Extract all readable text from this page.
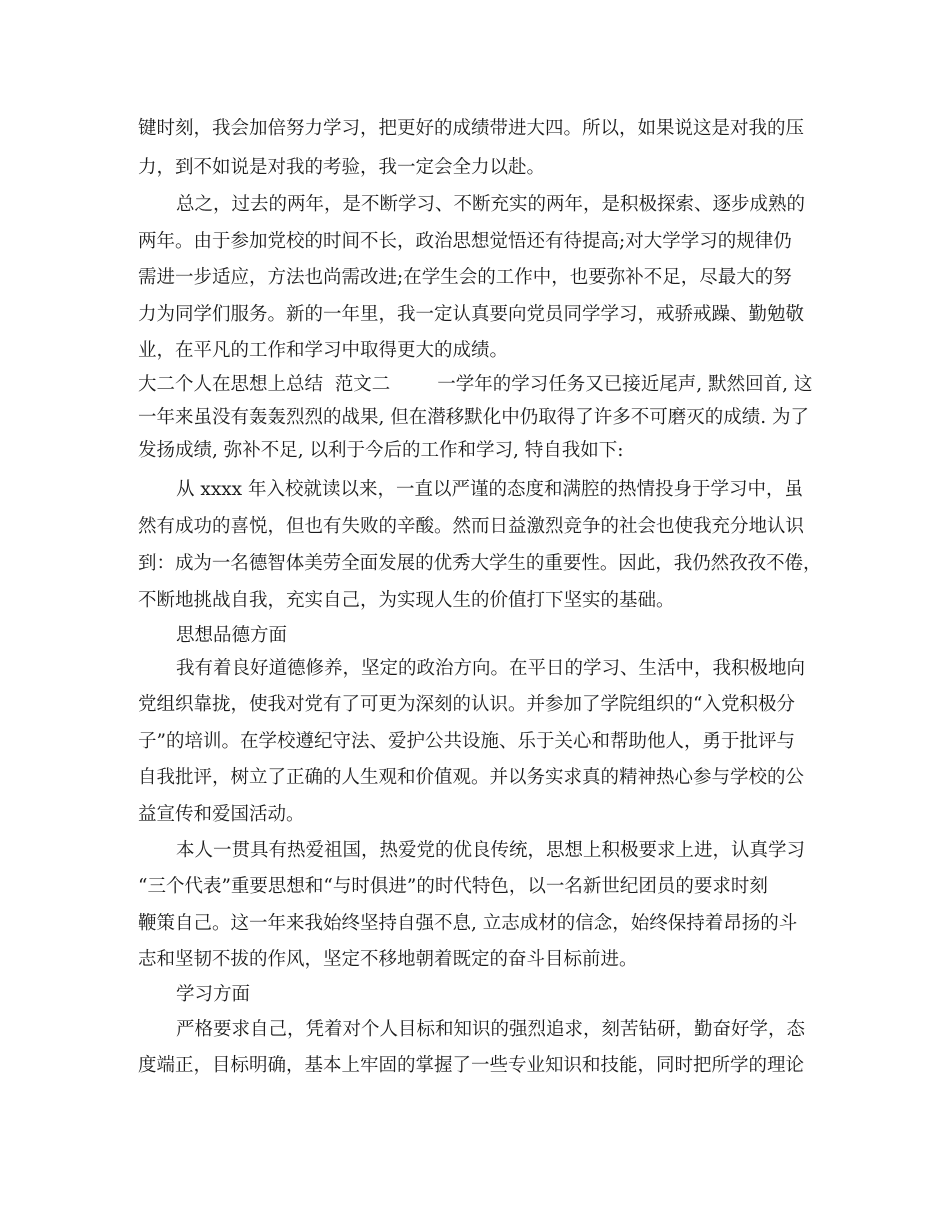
键时刻，我会加倍努力学习，把更好的成绩带进大四。所以，如果说这是对我的压
力，到不如说是对我的考验，我一定会全力以赴。
总之，过去的两年，是不断学习、不断充实的两年，是积极探索、逐步成熟的
两年。由于参加党校的时间不长，政治思想觉悟还有待提高;对大学学习的规律仍
需进一步适应，方法也尚需改进;在学生会的工作中，也要弥补不足，尽最大的努
力为同学们服务。新的一年里，我一定认真要向党员同学学习，戒骄戒躁、勤勉敬
业，在平凡的工作和学习中取得更大的成绩。
大二个人在思想上总结  范文二        一学年的学习任务又已接近尾声, 默然回首, 这
一年来虽没有轰轰烈烈的战果, 但在潜移默化中仍取得了许多不可磨灭的成绩. 为了
发扬成绩, 弥补不足, 以利于今后的工作和学习, 特自我如下:
从 xxxx 年入校就读以来，一直以严谨的态度和满腔的热情投身于学习中，虽
然有成功的喜悦，但也有失败的辛酸。然而日益激烈竞争的社会也使我充分地认识
到：成为一名德智体美劳全面发展的优秀大学生的重要性。因此，我仍然孜孜不倦，
不断地挑战自我，充实自己，为实现人生的价值打下坚实的基础。
思想品德方面
我有着良好道德修养，坚定的政治方向。在平日的学习、生活中，我积极地向
党组织靠拢，使我对党有了可更为深刻的认识。并参加了学院组织的“入党积极分
子”的培训。在学校遵纪守法、爱护公共设施、乐于关心和帮助他人，勇于批评与
自我批评，树立了正确的人生观和价值观。并以务实求真的精神热心参与学校的公
益宣传和爱国活动。
本人一贯具有热爱祖国，热爱党的优良传统，思想上积极要求上进，认真学习
“三个代表”重要思想和“与时俱进”的时代特色，以一名新世纪团员的要求时刻
鞭策自己。这一年来我始终坚持自强不息, 立志成材的信念，始终保持着昂扬的斗
志和坚韧不拔的作风，坚定不移地朝着既定的奋斗目标前进。
学习方面
严格要求自己，凭着对个人目标和知识的强烈追求，刻苦钻研，勤奋好学，态
度端正，目标明确，基本上牢固的掌握了一些专业知识和技能，同时把所学的理论
